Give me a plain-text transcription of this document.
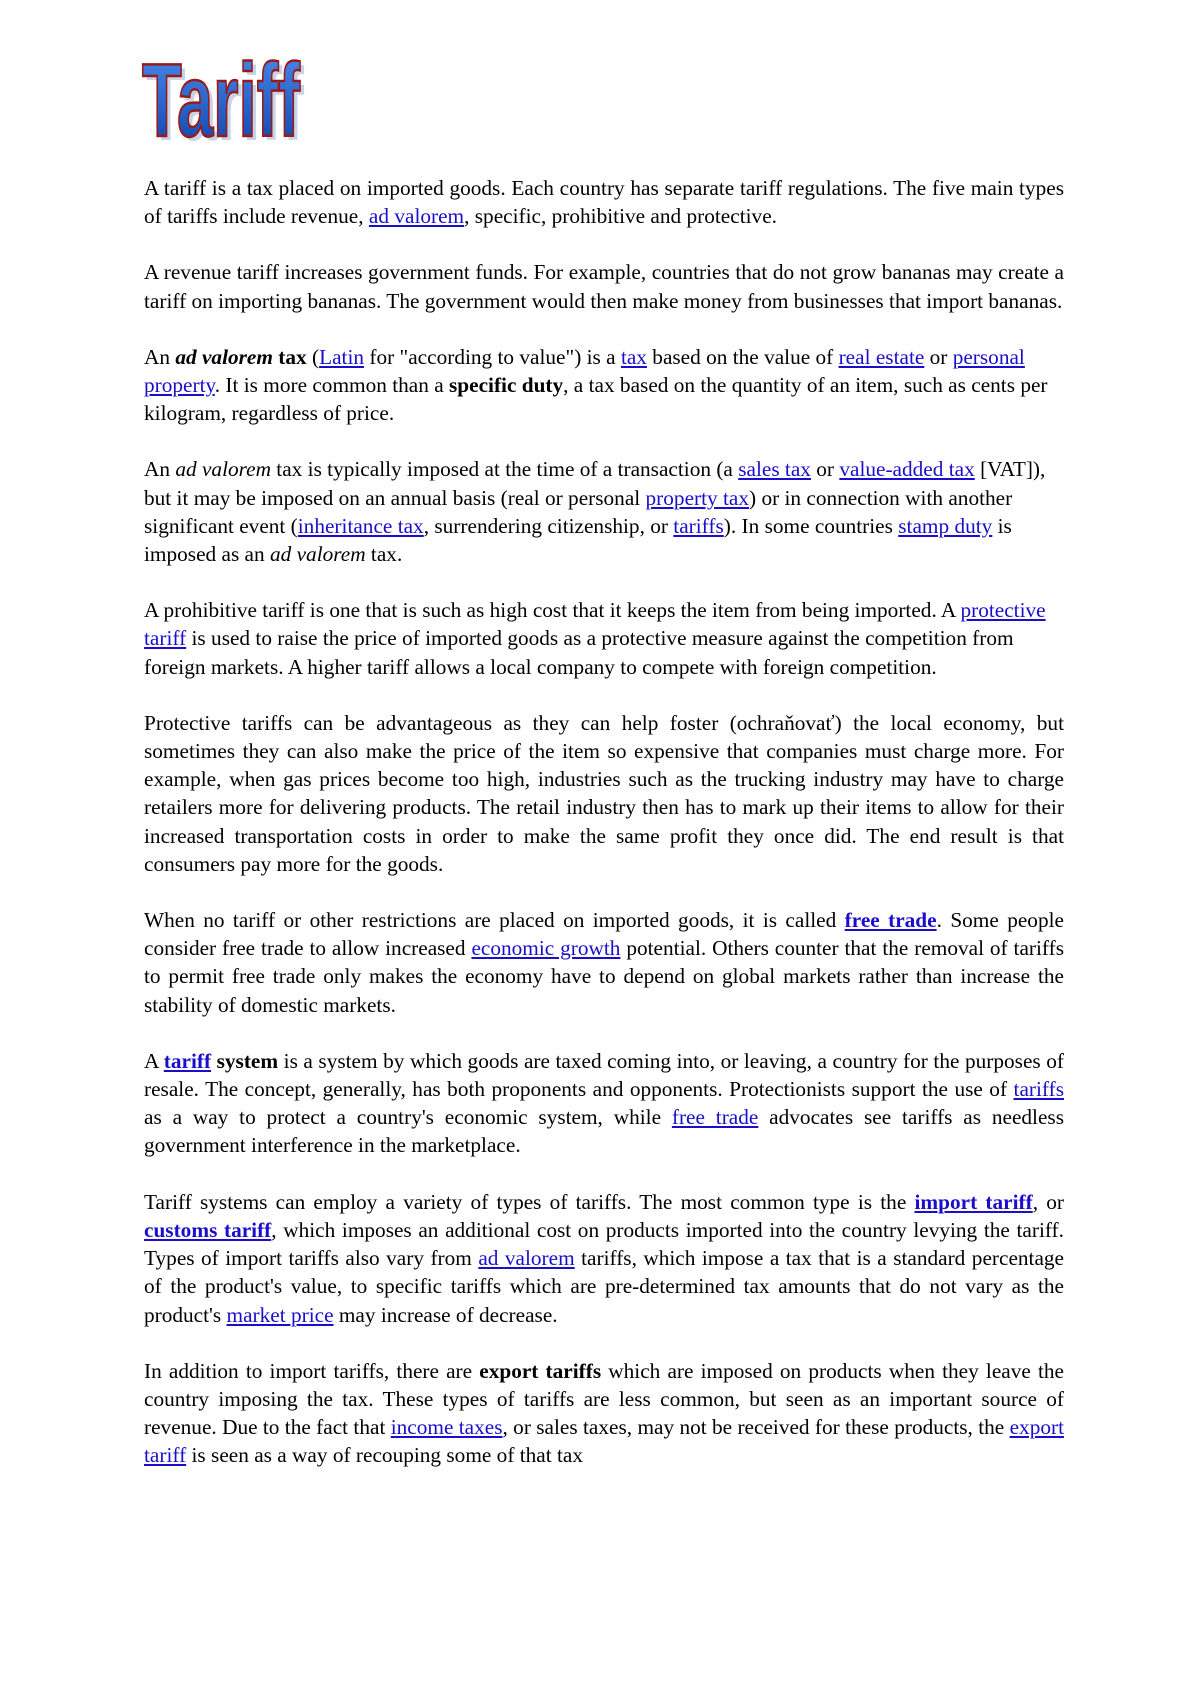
Tariff
Tariff

A tariff is a tax placed on imported goods. Each country has separate tariff regulations. The five main types of tariffs include revenue, ad valorem, specific, prohibitive and protective.

A revenue tariff increases government funds. For example, countries that do not grow bananas may create a tariff on importing bananas. The government would then make money from businesses that import bananas.

An ad valorem tax (Latin for "according to value") is a tax based on the value of real estate or personal property. It is more common than a specific duty, a tax based on the quantity of an item, such as cents per kilogram, regardless of price.

An ad valorem tax is typically imposed at the time of a transaction (a sales tax or value-added tax [VAT]), but it may be imposed on an annual basis (real or personal property tax) or in connection with another significant event (inheritance tax, surrendering citizenship, or tariffs). In some countries stamp duty is imposed as an ad valorem tax.

A prohibitive tariff is one that is such as high cost that it keeps the item from being imported. A protective tariff is used to raise the price of imported goods as a protective measure against the competition from foreign markets. A higher tariff allows a local company to compete with foreign competition.

Protective tariffs can be advantageous as they can help foster (ochraňovať) the local economy, but sometimes they can also make the price of the item so expensive that companies must charge more. For example, when gas prices become too high, industries such as the trucking industry may have to charge retailers more for delivering products. The retail industry then has to mark up their items to allow for their increased transportation costs in order to make the same profit they once did. The end result is that consumers pay more for the goods.

When no tariff or other restrictions are placed on imported goods, it is called free trade. Some people consider free trade to allow increased economic growth potential. Others counter that the removal of tariffs to permit free trade only makes the economy have to depend on global markets rather than increase the stability of domestic markets.

A tariff system is a system by which goods are taxed coming into, or leaving, a country for the purposes of resale. The concept, generally, has both proponents and opponents. Protectionists support the use of tariffs as a way to protect a country's economic system, while free trade advocates see tariffs as needless government interference in the marketplace.

Tariff systems can employ a variety of types of tariffs. The most common type is the import tariff, or customs tariff, which imposes an additional cost on products imported into the country levying the tariff. Types of import tariffs also vary from ad valorem tariffs, which impose a tax that is a standard percentage of the product's value, to specific tariffs which are pre-determined tax amounts that do not vary as the product's market price may increase of decrease.

In addition to import tariffs, there are export tariffs which are imposed on products when they leave the country imposing the tax. These types of tariffs are less common, but seen as an important source of revenue. Due to the fact that income taxes, or sales taxes, may not be received for these products, the export tariff is seen as a way of recouping some of that tax
